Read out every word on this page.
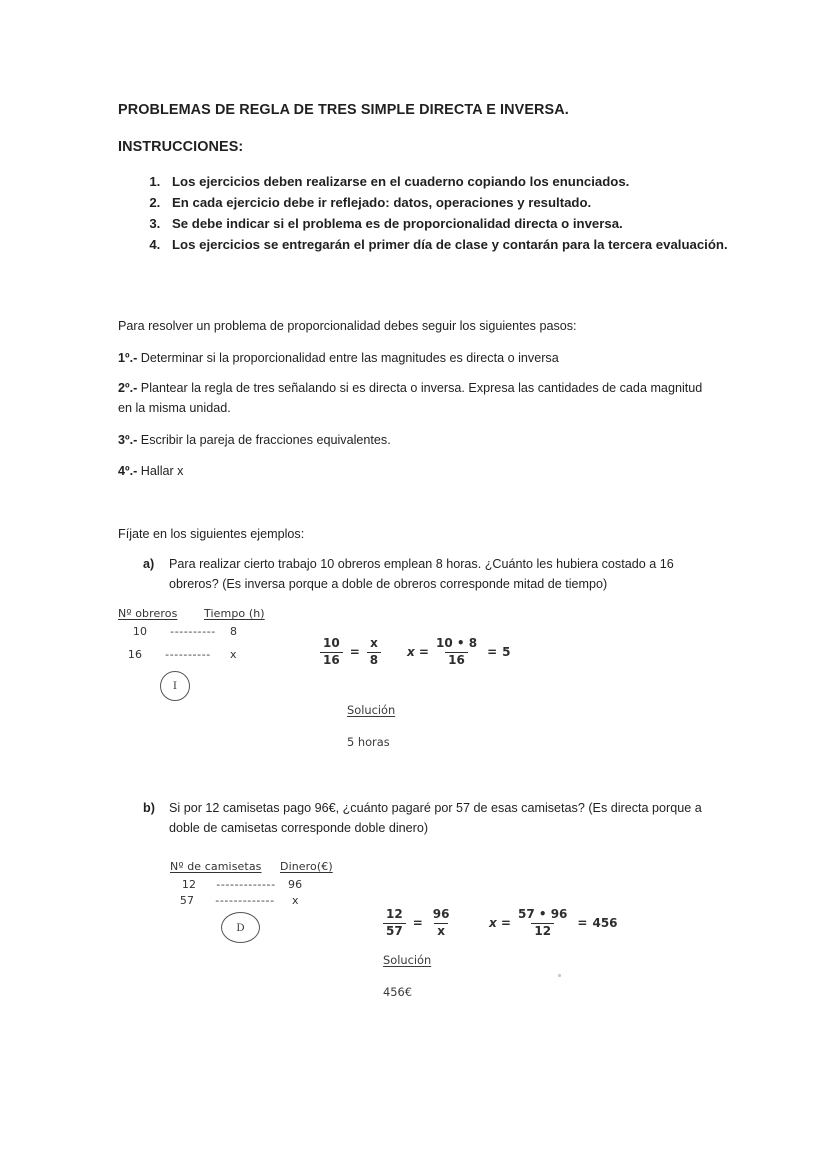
PROBLEMAS DE REGLA DE TRES SIMPLE DIRECTA E INVERSA.
INSTRUCCIONES:
1. Los ejercicios deben realizarse en el cuaderno copiando los enunciados.
2. En cada ejercicio debe ir reflejado: datos, operaciones y resultado.
3. Se debe indicar si el problema es de proporcionalidad directa o inversa.
4. Los ejercicios se entregarán el primer día de clase y contarán para la tercera evaluación.
Para resolver un problema de proporcionalidad debes seguir los siguientes pasos:
1º.- Determinar si la proporcionalidad entre las magnitudes es directa o inversa
2º.- Plantear la regla de tres señalando si es directa o inversa. Expresa las cantidades de cada magnitud en la misma unidad.
3º.- Escribir la pareja de fracciones equivalentes.
4º.- Hallar x
Fíjate en los siguientes ejemplos:
a) Para realizar cierto trabajo 10 obreros emplean 8 horas. ¿Cuánto les hubiera costado a 16 obreros? (Es inversa porque a doble de obreros corresponde mitad de tiempo)
Nº obreros	Tiempo (h)
10	----------	8
16	----------	x
I
$\frac{10}{16} = \frac{x}{8}$ $x = \frac{10 • 8}{16} = 5$
Solución
5 horas
b) Si por 12 camisetas pago 96€, ¿cuánto pagaré por 57 de esas camisetas? (Es directa porque a doble de camisetas corresponde doble dinero)
Nº de camisetas	Dinero(€)
12	-------------	96
57	-------------	x
D	$\frac{12}{57} = \frac{96}{x}$	$x = \frac{57 • 96}{12} = 456$
Solución
456€
